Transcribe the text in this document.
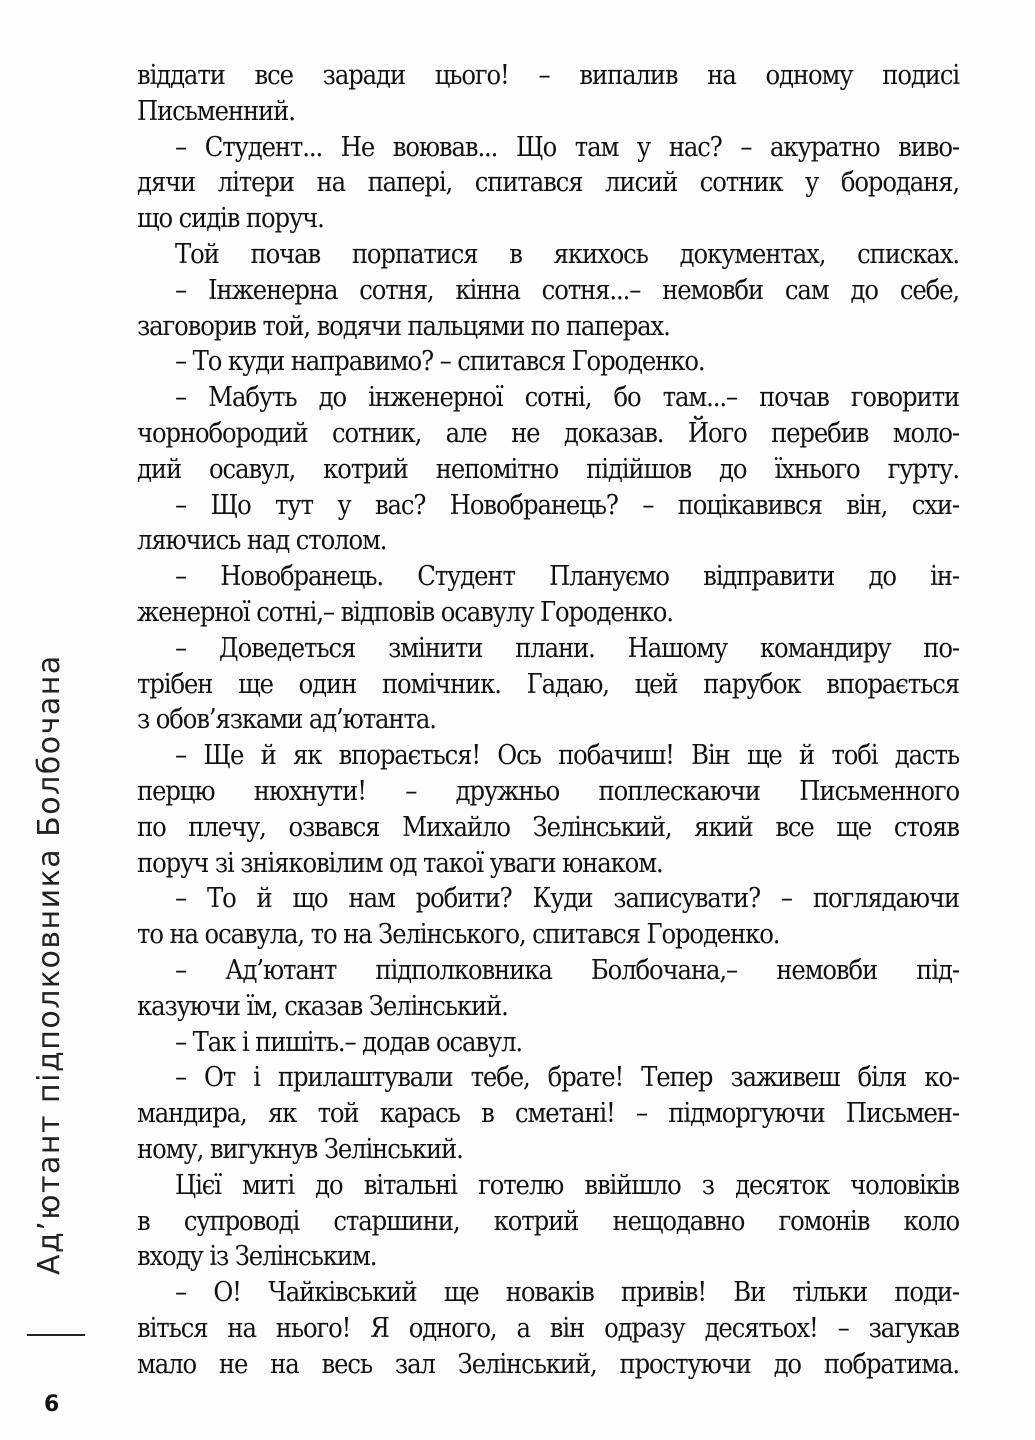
Ад’ютант підполковника Болбочана
6
віддати все заради цього! – випалив на одному подисі
Письменний.
– Студент... Не воював... Що там у нас? – акуратно виво-
дячи літери на папері, спитався лисий сотник у бороданя,
що сидів поруч.
Той почав порпатися в якихось документах, списках.
– Інженерна сотня, кінна сотня...– немовби сам до себе,
заговорив той, водячи пальцями по паперах.
– То куди направимо? – спитався Городенко.
– Мабуть до інженерної сотні, бо там...– почав говорити
чорнобородий сотник, але не доказав. Його перебив моло-
дий осавул, котрий непомітно підійшов до їхнього гурту.
– Що тут у вас? Новобранець? – поцікавився він, схи-
ляючись над столом.
– Новобранець. Студент Плануємо відправити до ін-
женерної сотні,– відповів осавулу Городенко.
– Доведеться змінити плани. Нашому командиру по-
трібен ще один помічник. Гадаю, цей парубок впорається
з обов’язками ад’ютанта.
– Ще й як впорається! Ось побачиш! Він ще й тобі дасть
перцю нюхнути! – дружньо поплескаючи Письменного
по плечу, озвався Михайло Зелінський, який все ще стояв
поруч зі зніяковілим од такої уваги юнаком.
– То й що нам робити? Куди записувати? – поглядаючи
то на осавула, то на Зелінського, спитався Городенко.
– Ад’ютант підполковника Болбочана,– немовби під-
казуючи їм, сказав Зелінський.
– Так і пишіть.– додав осавул.
– От і прилаштували тебе, брате! Тепер заживеш біля ко-
мандира, як той карась в сметані! – підморгуючи Письмен-
ному, вигукнув Зелінський.
Цієї миті до вітальні готелю ввійшло з десяток чоловіків
в супроводі старшини, котрий нещодавно гомонів коло
входу із Зелінським.
– О! Чайківський ще новаків привів! Ви тільки поди-
віться на нього! Я одного, а він одразу десятьох! – загукав
мало не на весь зал Зелінський, простуючи до побратима.
